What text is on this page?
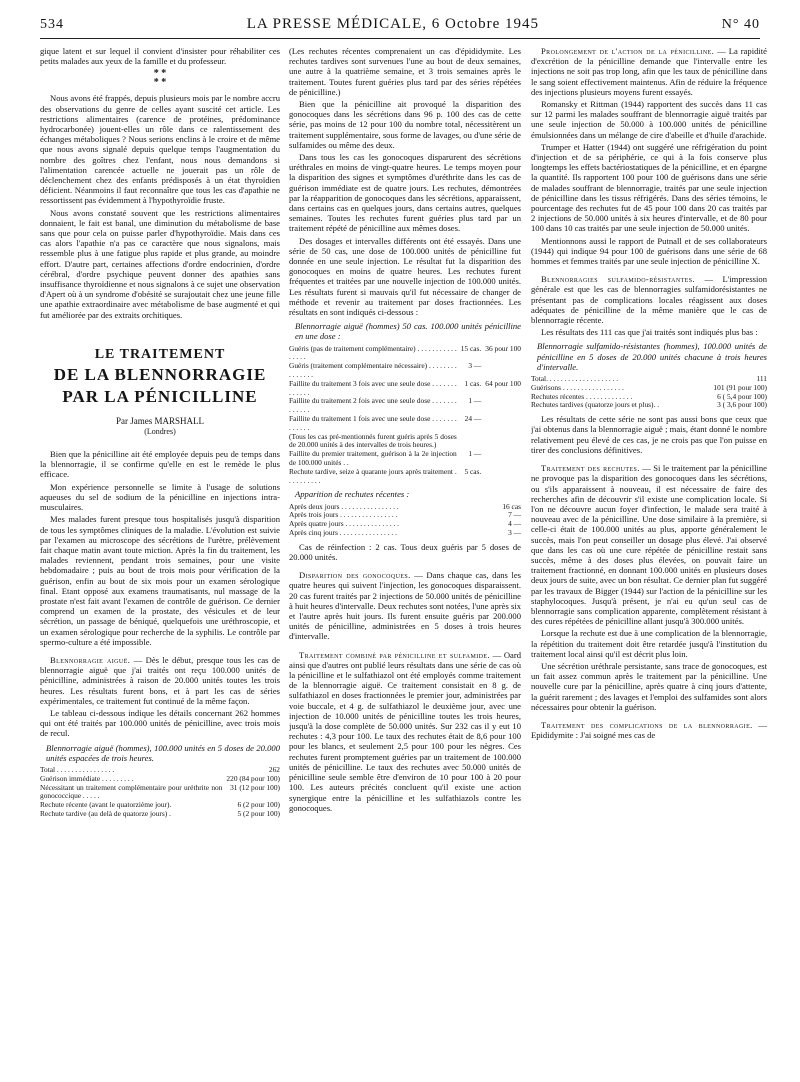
534	LA PRESSE MÉDICALE, 6 Octobre 1945	N° 40

gique latent et sur lequel il convient d'insister pour réhabiliter ces petits malades aux yeux de la famille et du professeur.

* *
* *

Nous avons été frappés, depuis plusieurs mois par le nombre accru des observations du genre de celles ayant suscité cet article. Les restrictions alimentaires (carence de protéines, prédominance hydrocarbonée) jouent-elles un rôle dans ce ralentissement des échanges métaboliques ? Nous serions enclins à le croire et de même que nous avons signalé depuis quelque temps l'augmentation du nombre des goîtres chez l'enfant, nous nous demandons si l'alimentation carencée actuelle ne jouerait pas un rôle de déclenchement chez des enfants prédisposés à un état thyroïdien déficient. Néanmoins il faut reconnaître que tous les cas d'apathie ne ressortissent pas évidemment à l'hypothyroïdie fruste.

Nous avons constaté souvent que les restrictions alimentaires donnaient, le fait est banal, une diminution du métabolisme de base sans que pour cela on puisse parler d'hypothyroïdie. Mais dans ces cas alors l'apathie n'a pas ce caractère que nous signalons, mais ressemble plus à une fatigue plus rapide et plus grande, au moindre effort. D'autre part, certaines affections d'ordre endocrinien, d'ordre cérébral, d'ordre psychique peuvent donner des apathies sans insuffisance thyroïdienne et nous signalons à ce sujet une observation d'Apert où à un syndrome d'obésité se surajoutait chez une jeune fille une apathie extraordinaire avec métabolisme de base augmenté et qui fut améliorée par des extraits orchitiques.

LE TRAITEMENT
DE LA BLENNORRAGIE
PAR LA PÉNICILLINE
Par James MARSHALL
(Londres)

Bien que la pénicilline ait été employée depuis peu de temps dans la blennorragie, il se confirme qu'elle en est le remède le plus efficace.

Mon expérience personnelle se limite à l'usage de solutions aqueuses du sel de sodium de la pénicilline en injections intra-musculaires.

Mes malades furent presque tous hospitalisés jusqu'à disparition de tous les symptômes cliniques de la maladie. L'évolution est suivie par l'examen au microscope des sécrétions de l'urètre, prélèvement fait chaque matin avant toute miction. Après la fin du traitement, les malades reviennent, pendant trois semaines, pour une visite hebdomadaire ; puis au bout de trois mois pour vérification de la guérison, enfin au bout de six mois pour un examen sérologique final. Etant opposé aux examens traumatisants, nul massage de la prostate n'est fait avant l'examen de contrôle de guérison. Ce dernier comprend un examen de la prostate, des vésicules et de leur sécrétion, un passage de béniqué, quelquefois une uréthroscopie, et un examen sérologique pour recherche de la syphilis. Le contrôle par spermo-culture a été impossible.

Blennorragie aiguë. — Dès le début, presque tous les cas de blennorragie aiguë que j'ai traités ont reçu 100.000 unités de pénicilline, administrées à raison de 20.000 unités toutes les trois heures. Les résultats furent bons, et à part les cas de séries expérimentales, ce traitement fut continué de la même façon.

Le tableau ci-dessous indique les détails concernant 262 hommes qui ont été traités par 100.000 unités de pénicilline, avec trois mois de recul.

Blennorragie aiguë (hommes), 100.000 unités en 5 doses de 20.000 unités espacées de trois heures.
Total . . . . . . . . . . . . . . . .	262
Guérison immédiate . . . . . . . . .	220 (84 pour 100)
Nécessitant un traitement complémentaire pour uréthrite non gonococcique . . . . .	31 (12 pour 100)
Rechute récente (avant le quatorzième jour).	6 (2 pour 100)
Rechute tardive (au delà de quatorze jours) .	5 (2 pour 100)

(Les rechutes récentes comprenaient un cas d'épididymite. Les rechutes tardives sont survenues l'une au bout de deux semaines, une autre à la quatrième semaine, et 3 trois semaines après le traitement. Toutes furent guéries plus tard par des séries répétées de pénicilline.)

Bien que la pénicilline ait provoqué la disparition des gonocoques dans les sécrétions dans 96 p. 100 des cas de cette série, pas moins de 12 pour 100 du nombre total, nécessitèrent un traitement supplémentaire, sous forme de lavages, ou d'une série de sulfamides ou même des deux.

Dans tous les cas les gonocoques disparurent des sécrétions uréthrales en moins de vingt-quatre heures. Le temps moyen pour la disparition des signes et symptômes d'uréthrite dans les cas de guérison immédiate est de quatre jours. Les rechutes, démontrées par la réapparition de gonocoques dans les sécrétions, apparaissent, dans certains cas en quelques jours, dans certains autres, quelques semaines. Toutes les rechutes furent guéries plus tard par un traitement répété de pénicilline aux mêmes doses.

Des dosages et intervalles différents ont été essayés. Dans une série de 50 cas, une dose de 100.000 unités de pénicilline fut donnée en une seule injection. Le résultat fut la disparition des gonocoques en moins de quatre heures. Les rechutes furent fréquentes et traitées par une nouvelle injection de 100.000 unités. Les résultats furent si mauvais qu'il fut nécessaire de changer de méthode et revenir au traitement par doses fractionnées. Les résultats en sont indiqués ci-dessous :

Blennorragie aiguë (hommes) 50 cas. 100.000 unités pénicilline en une dose :
Guéris (pas de traitement complémentaire) . . . . . . . . . . . . . . . .	15 cas.	36 pour 100
Guéris (traitement complémentaire nécessaire) . . . . . . . . . . . . . . .	3 —	
Faillite du traitement 3 fois avec une seule dose . . . . . . . . . . . . .	1 cas.	64 pour 100
Faillite du traitement 2 fois avec une seule dose . . . . . . . . . . . . .	1 —	
Faillite du traitement 1 fois avec une seule dose . . . . . . . . . . . . .	24 —	
(Tous les cas pré-mentionnés furent guéris après 5 doses de 20.000 unités à des intervalles de trois heures.)		
Faillite du premier traitement, guérison à la 2e injection de 100.000 unités . .	1 —	
Rechute tardive, seize à quarante jours après traitement . . . . . . . . . .	5 cas.	
Apparition de rechutes récentes :
Après deux jours . . . . . . . . . . . . . . . .	16 cas
Après trois jours . . . . . . . . . . . . . . . .	7 —
Après quatre jours . . . . . . . . . . . . . . .	4 —
Après cinq jours . . . . . . . . . . . . . . . .	3 —

Cas de réinfection : 2 cas. Tous deux guéris par 5 doses de 20.000 unités.

Disparition des gonocoques. — Dans chaque cas, dans les quatre heures qui suivent l'injection, les gonocoques disparaissent. 20 cas furent traités par 2 injections de 50.000 unités de pénicilline à huit heures d'intervalle. Deux rechutes sont notées, l'une après six et l'autre après huit jours. Ils furent ensuite guéris par 200.000 unités de pénicilline, administrées en 5 doses à trois heures d'intervalle.

Traitement combiné par pénicilline et sulfamide. — Oard ainsi que d'autres ont publié leurs résultats dans une série de cas où la pénicilline et le sulfathiazol ont été employés comme traitement de la blennorragie aiguë. Ce traitement consistait en 8 g. de sulfathiazol en doses fractionnées le premier jour, administrées par voie buccale, et 4 g. de sulfathiazol le deuxième jour, avec une injection de 10.000 unités de pénicilline toutes les trois heures, jusqu'à la dose complète de 50.000 unités. Sur 232 cas il y eut 10 rechutes : 4,3 pour 100. Le taux des rechutes était de 8,6 pour 100 pour les blancs, et seulement 2,5 pour 100 pour les nègres. Ces rechutes furent promptement guéries par un traitement de 100.000 unités de pénicilline. Le taux des rechutes avec 50.000 unités de pénicilline seule semble être d'environ de 10 pour 100 à 20 pour 100. Les auteurs précités concluent qu'il existe une action synergique entre la pénicilline et les sulfathiazols contre les gonocoques.

Prolongement de l'action de la pénicilline. — La rapidité d'excrétion de la pénicilline demande que l'intervalle entre les injections ne soit pas trop long, afin que les taux de pénicilline dans le sang soient effectivement maintenus. Afin de réduire la fréquence des injections plusieurs moyens furent essayés.

Romansky et Rittman (1944) rapportent des succès dans 11 cas sur 12 parmi les malades souffrant de blennorragie aiguë traités par une seule injection de 50.000 à 100.000 unités de pénicilline émulsionnées dans un mélange de cire d'abeille et d'huile d'arachide.

Trumper et Hatter (1944) ont suggéré une réfrigération du point d'injection et de sa périphérie, ce qui à la fois conserve plus longtemps les effets bactériostatiques de la pénicilline, et en épargne la quantité. Ils rapportent 100 pour 100 de guérisons dans une série de malades souffrant de blennorragie, traités par une seule injection de pénicilline dans les tissus réfrigérés. Dans des séries témoins, le pourcentage des rechutes fut de 45 pour 100 dans 20 cas traités par 2 injections de 50.000 unités à six heures d'intervalle, et de 80 pour 100 dans 10 cas traités par une seule injection de 50.000 unités.

Mentionnons aussi le rapport de Putnall et de ses collaborateurs (1944) qui indique 94 pour 100 de guérisons dans une série de 68 hommes et femmes traités par une seule injection de pénicilline X.

Blennorragies sulfamido-résistantes. — L'impression générale est que les cas de blennorragies sulfamidorésistantes ne présentant pas de complications locales réagissent aux doses adéquates de pénicilline de la même manière que le cas de blennorragie récente.

Les résultats des 111 cas que j'ai traités sont indiqués plus bas :

Blennorragie sulfamido-résistantes (hommes), 100.000 unités de pénicilline en 5 doses de 20.000 unités chacune à trois heures d'intervalle.
Total. . . . . . . . . . . . . . . . . . . .	111
Guérisons . . . . . . . . . . . . . . . . .	101 (91 pour 100)
Rechutes récentes . . . . . . . . . . . . .	6 ( 5,4 pour 100)
Rechutes tardives (quatorze jours et plus). .	3 ( 3,6 pour 100)

Les résultats de cette série ne sont pas aussi bons que ceux que j'ai obtenus dans la blennorragie aiguë ; mais, étant donné le nombre relativement peu élevé de ces cas, je ne crois pas que l'on puisse en tirer des conclusions définitives.

Traitement des rechutes. — Si le traitement par la pénicilline ne provoque pas la disparition des gonocoques dans les sécrétions, ou s'ils apparaissent à nouveau, il est nécessaire de faire des recherches afin de découvrir s'il existe une complication locale. Si l'on ne découvre aucun foyer d'infection, le malade sera traité à nouveau avec de la pénicilline. Une dose similaire à la première, si celle-ci était de 100.000 unités au plus, apporte généralement le succès, mais l'on peut conseiller un dosage plus élevé. J'ai observé que dans les cas où une cure répétée de pénicilline restait sans succès, même à des doses plus élevées, on pouvait faire un traitement fractionné, en donnant 100.000 unités en plusieurs doses deux jours de suite, avec un bon résultat. Ce dernier plan fut suggéré par les travaux de Bigger (1944) sur l'action de la pénicilline sur les staphylocoques. Jusqu'à présent, je n'ai eu qu'un seul cas de blennorragie sans complication apparente, complètement résistant à des cures répétées de pénicilline allant jusqu'à 300.000 unités.

Lorsque la rechute est due à une complication de la blennorragie, la répétition du traitement doit être retardée jusqu'à l'institution du traitement local ainsi qu'il est décrit plus loin.

Une sécrétion uréthrale persistante, sans trace de gonocoques, est un fait assez commun après le traitement par la pénicilline. Une nouvelle cure par la pénicilline, après quatre à cinq jours d'attente, la guérit rarement ; des lavages et l'emploi des sulfamides sont alors nécessaires pour obtenir la guérison.

Traitement des complications de la blennorragie. — Epididymite : J'ai soigné mes cas de
